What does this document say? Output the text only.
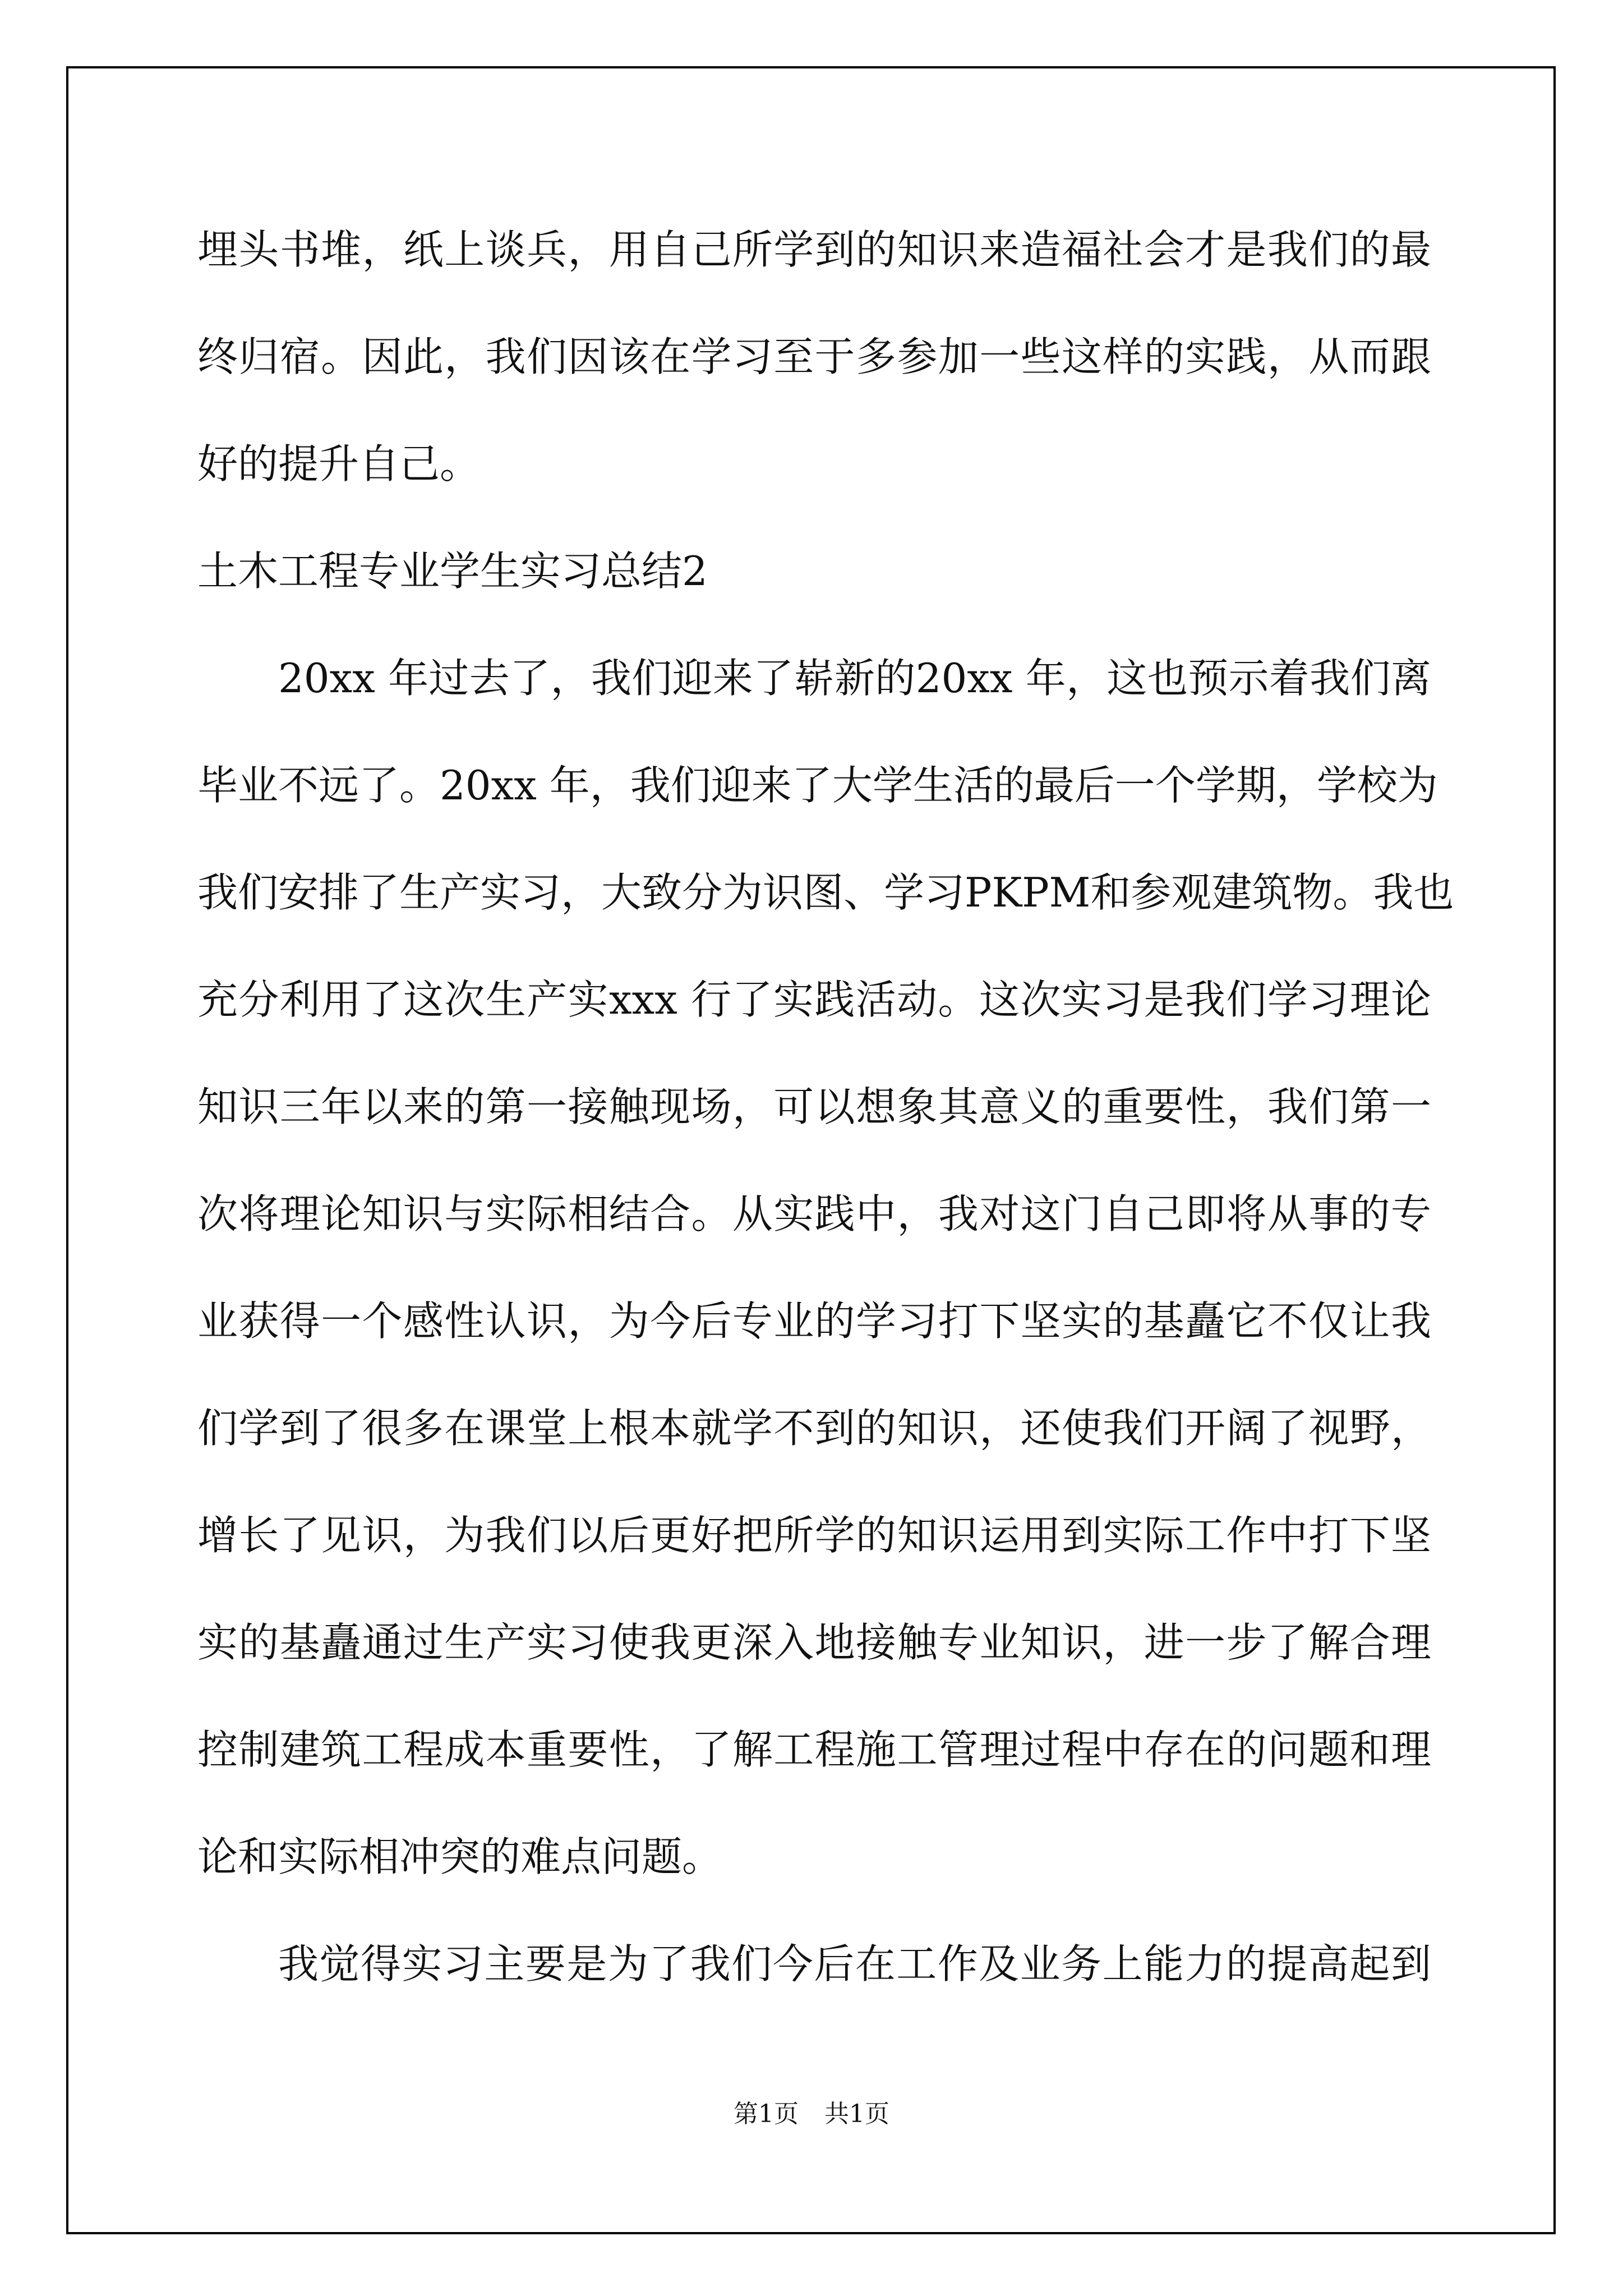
埋头书堆，纸上谈兵，用自己所学到的知识来造福社会才是我们的最
终归宿。因此，我们因该在学习至于多参加一些这样的实践，从而跟
好的提升自己。
土木工程专业学生实习总结2
20xx 年过去了，我们迎来了崭新的20xx 年，这也预示着我们离
毕业不远了。20xx 年，我们迎来了大学生活的最后一个学期，学校为
我们安排了生产实习，大致分为识图、学习PKPM和参观建筑物。我也
充分利用了这次生产实xxx 行了实践活动。这次实习是我们学习理论
知识三年以来的第一接触现场，可以想象其意义的重要性，我们第一
次将理论知识与实际相结合。从实践中，我对这门自己即将从事的专
业获得一个感性认识，为今后专业的学习打下坚实的基矗它不仅让我
们学到了很多在课堂上根本就学不到的知识，还使我们开阔了视野，
增长了见识，为我们以后更好把所学的知识运用到实际工作中打下坚
实的基矗通过生产实习使我更深入地接触专业知识，进一步了解合理
控制建筑工程成本重要性，了解工程施工管理过程中存在的问题和理
论和实际相冲突的难点问题。
我觉得实习主要是为了我们今后在工作及业务上能力的提高起到
第1页 共1页
